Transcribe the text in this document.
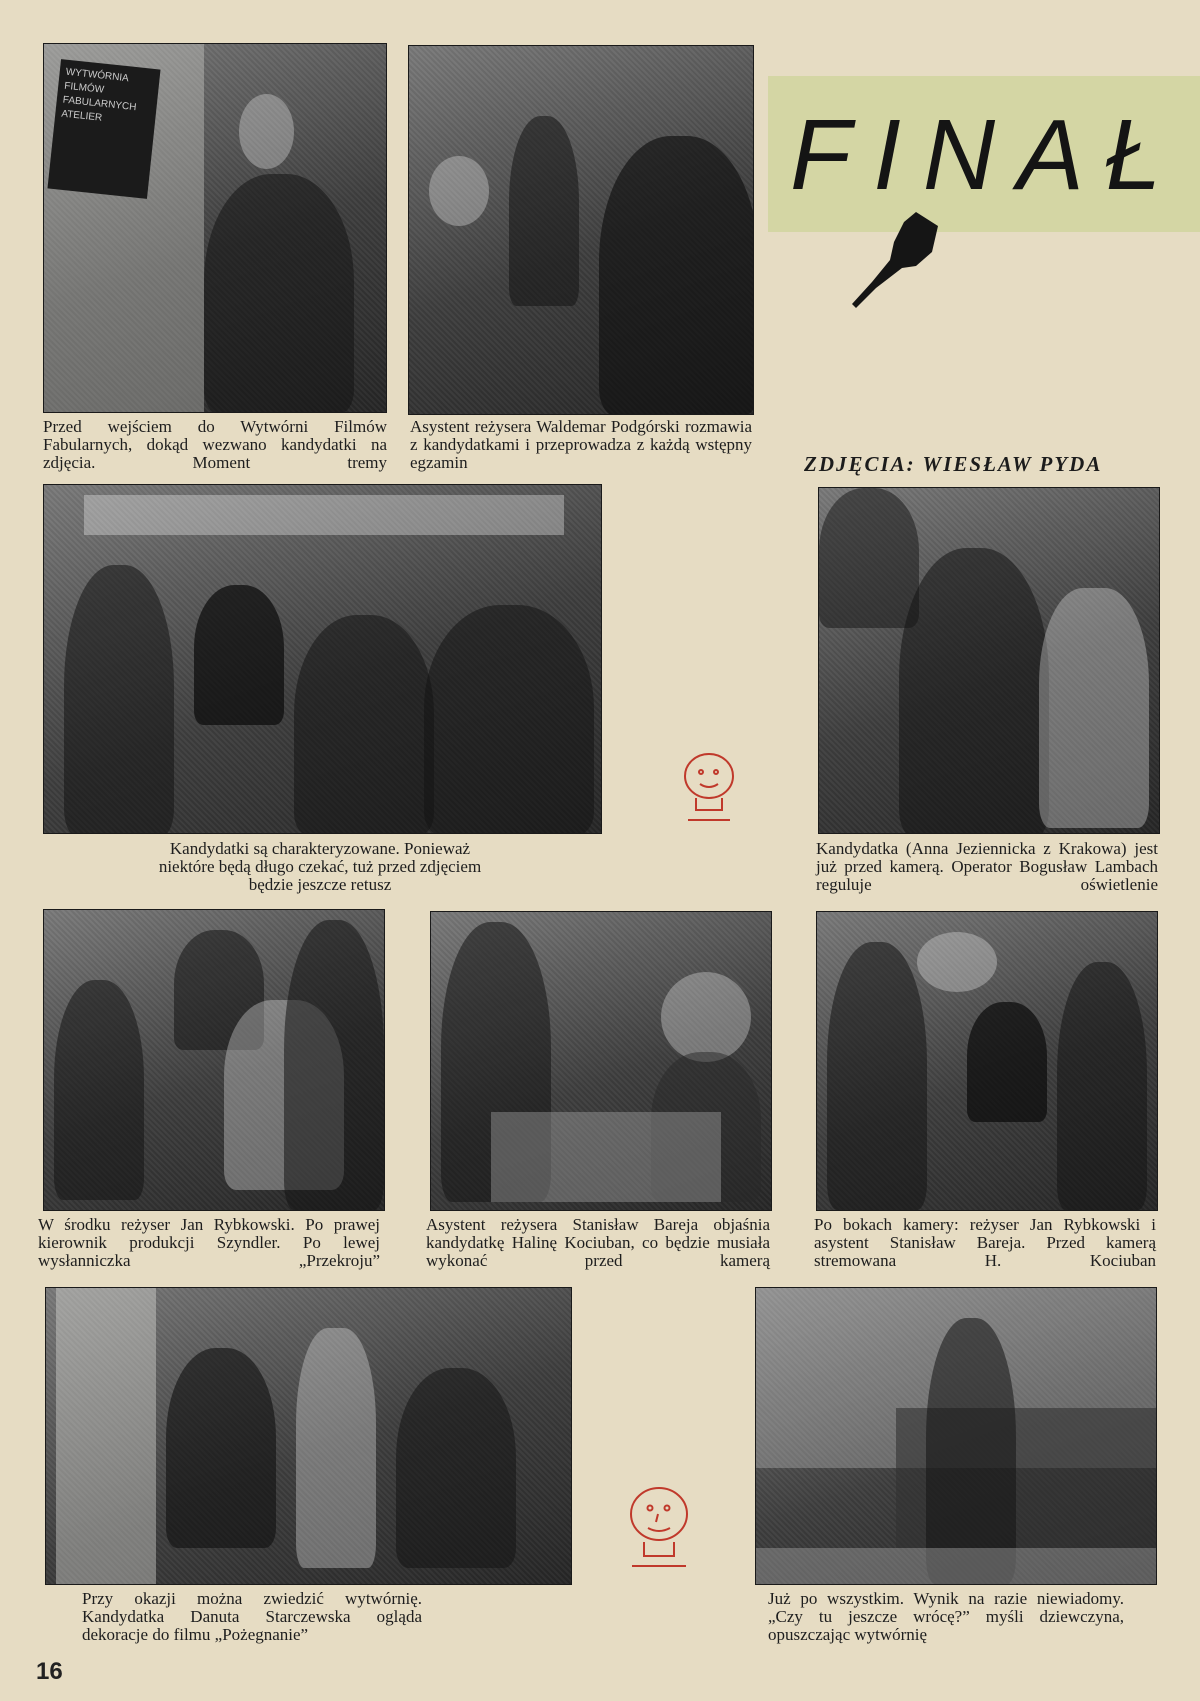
FINAŁ
ZDJĘCIA: WIESŁAW PYDA
WYTWÓRNIA FILMÓW FABULARNYCH ATELIER
Przed wejściem do Wytwórni Filmów Fabularnych, dokąd wezwano kandydatki na zdjęcia. Moment tremy
Asystent reżysera Waldemar Podgórski rozmawia z kandydatkami i przeprowadza z każdą wstępny egzamin
Kandydatki są charakteryzowane. Ponieważ niektóre będą długo czekać, tuż przed zdjęciem będzie jeszcze retusz
Kandydatka (Anna Jeziennicka z Krakowa) jest już przed kamerą. Operator Bogusław Lambach reguluje oświetlenie
W środku reżyser Jan Rybkowski. Po prawej kierownik produkcji Szyndler. Po lewej wysłanniczka „Przekroju”
Asystent reżysera Stanisław Bareja objaśnia kandydatkę Halinę Kociuban, co będzie musiała wykonać przed kamerą
Po bokach kamery: reżyser Jan Rybkowski i asystent Stanisław Bareja. Przed kamerą stremowana H. Kociuban
Przy okazji można zwiedzić wytwórnię. Kandydatka Danuta Starczewska ogląda dekoracje do filmu „Pożegnanie”
Już po wszystkim. Wynik na razie niewiadomy. „Czy tu jeszcze wrócę?” myśli dziewczyna, opuszczając wytwórnię
16
